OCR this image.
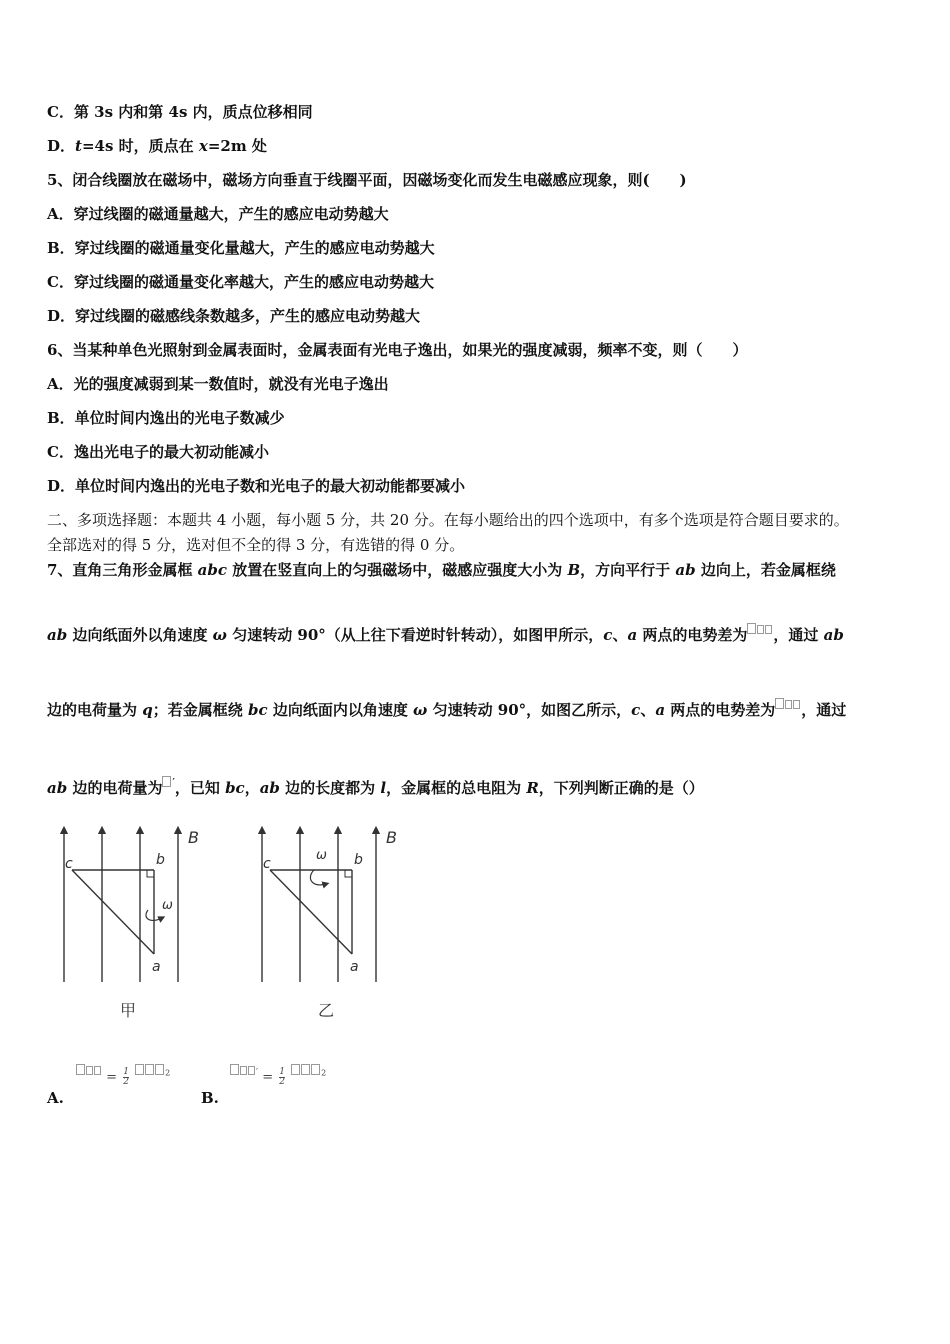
C．第 3s 内和第 4s 内，质点位移相同
D．t=4s 时，质点在 x=2m 处
5、闭合线圈放在磁场中，磁场方向垂直于线圈平面，因磁场变化而发生电磁感应现象，则(　　)
A．穿过线圈的磁通量越大，产生的感应电动势越大
B．穿过线圈的磁通量变化量越大，产生的感应电动势越大
C．穿过线圈的磁通量变化率越大，产生的感应电动势越大
D．穿过线圈的磁感线条数越多，产生的感应电动势越大
6、当某种单色光照射到金属表面时，金属表面有光电子逸出，如果光的强度减弱，频率不变，则（　　）
A．光的强度减弱到某一数值时，就没有光电子逸出
B．单位时间内逸出的光电子数减少
C．逸出光电子的最大初动能减小
D．单位时间内逸出的光电子数和光电子的最大初动能都要减小
二、多项选择题：本题共 4 小题，每小题 5 分，共 20 分。在每小题给出的四个选项中，有多个选项是符合题目要求的。
全部选对的得 5 分，选对但不全的得 3 分，有选错的得 0 分。
7、直角三角形金属框 abc 放置在竖直向上的匀强磁场中，磁感应强度大小为 B，方向平行于 ab 边向上，若金属框绕
ab 边向纸面外以角速度 ω 匀速转动 90°（从上往下看逆时针转动），如图甲所示，c、a 两点的电势差为 ，通过 ab
边的电荷量为 q；若金属框绕 bc 边向纸面内以角速度 ω 匀速转动 90°，如图乙所示，c、a 两点的电势差为 ，通过
ab 边的电荷量为 ′，已知 bc，ab 边的长度都为 l，金属框的总电阻为 R，下列判断正确的是（）
B
c	b
a
ω
甲
B
c	b
a
ω
乙
= $\frac{1}{2}$	$^2$
A.
$' = \frac{1}{2}$	$^2$
B.
